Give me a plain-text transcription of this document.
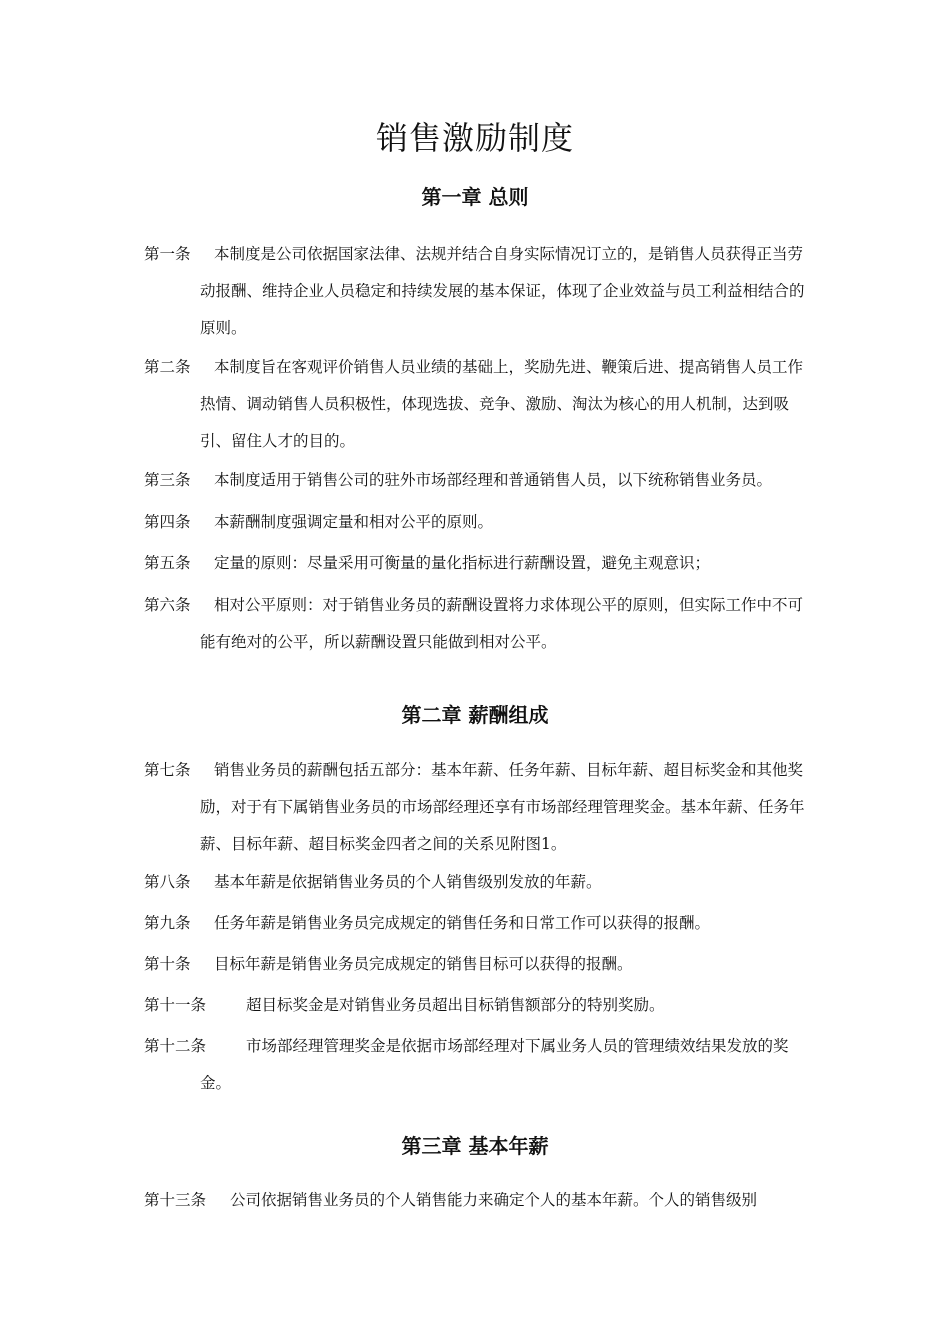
销售激励制度
第一章 总则
第一条	本制度是公司依据国家法律、法规并结合自身实际情况订立的，是销售人员获得正当劳动报酬、维持企业人员稳定和持续发展的基本保证，体现了企业效益与员工利益相结合的原则。
第二条	本制度旨在客观评价销售人员业绩的基础上，奖励先进、鞭策后进、提高销售人员工作热情、调动销售人员积极性，体现选拔、竞争、激励、淘汰为核心的用人机制，达到吸引、留住人才的目的。
第三条	本制度适用于销售公司的驻外市场部经理和普通销售人员，以下统称销售业务员。
第四条	本薪酬制度强调定量和相对公平的原则。
第五条	定量的原则：尽量采用可衡量的量化指标进行薪酬设置，避免主观意识；
第六条	相对公平原则：对于销售业务员的薪酬设置将力求体现公平的原则，但实际工作中不可能有绝对的公平，所以薪酬设置只能做到相对公平。
第二章 薪酬组成
第七条	销售业务员的薪酬包括五部分：基本年薪、任务年薪、目标年薪、超目标奖金和其他奖励，对于有下属销售业务员的市场部经理还享有市场部经理管理奖金。基本年薪、任务年薪、目标年薪、超目标奖金四者之间的关系见附图1。
第八条	基本年薪是依据销售业务员的个人销售级别发放的年薪。
第九条	任务年薪是销售业务员完成规定的销售任务和日常工作可以获得的报酬。
第十条	目标年薪是销售业务员完成规定的销售目标可以获得的报酬。
第十一条	超目标奖金是对销售业务员超出目标销售额部分的特别奖励。
第十二条	市场部经理管理奖金是依据市场部经理对下属业务人员的管理绩效结果发放的奖金。
第三章 基本年薪
第十三条	公司依据销售业务员的个人销售能力来确定个人的基本年薪。个人的销售级别
